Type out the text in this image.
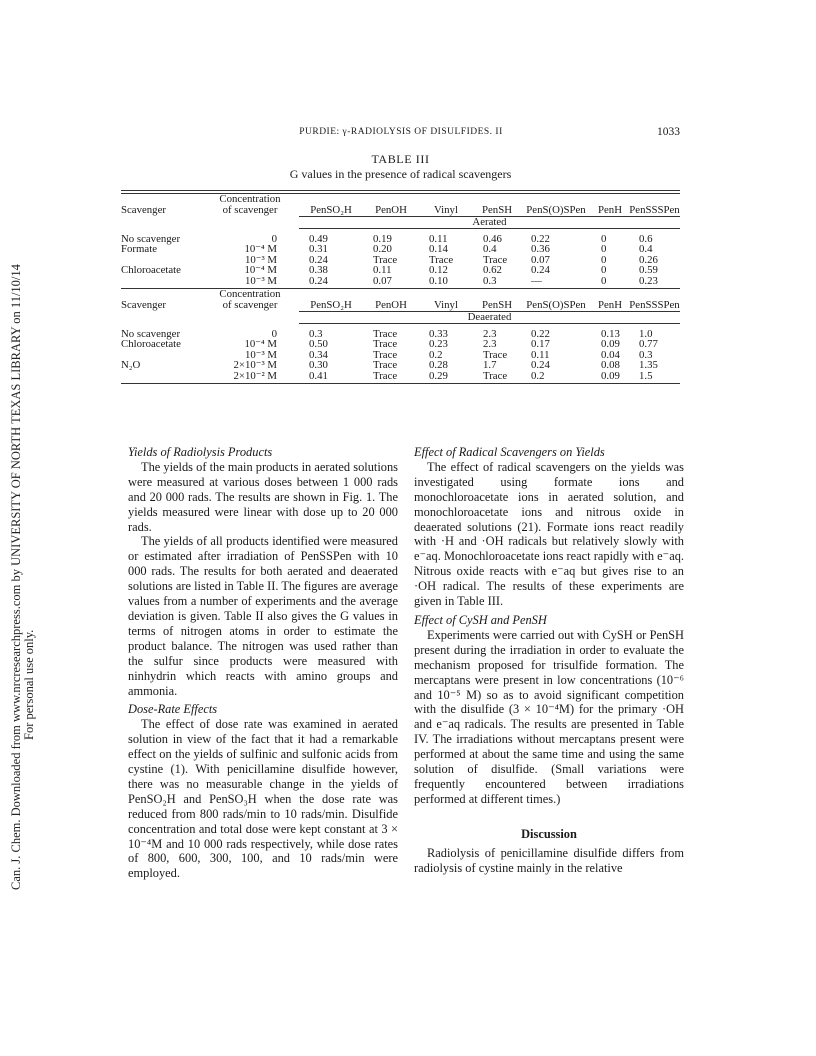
Can. J. Chem. Downloaded from www.nrcresearchpress.com by UNIVERSITY OF NORTH TEXAS LIBRARY on 11/10/14 For personal use only.
PURDIE: γ-RADIOLYSIS OF DISULFIDES. II	1033
TABLE III
G values in the presence of radical scavengers
Scavenger	Concentration
of scavenger	PenSO₂H	PenOH	Vinyl	PenSH	PenS(O)SPen	PenH	PenSSSPen
		Aerated						

No scavenger	0	0.49	0.19	0.11	0.46	0.22	0	0.6
Formate	10⁻⁴ M	0.31	0.20	0.14	0.4	0.36	0	0.4
	10⁻³ M	0.24	Trace	Trace	Trace	0.07	0	0.26
Chloroacetate	10⁻⁴ M	0.38	0.11	0.12	0.62	0.24	0	0.59
	10⁻³ M	0.24	0.07	0.10	0.3	—	0	0.23

Scavenger	Concentration
of scavenger	PenSO₂H	PenOH	Vinyl	PenSH	PenS(O)SPen	PenH	PenSSSPen
		Deaerated						

No scavenger	0	0.3	Trace	0.33	2.3	0.22	0.13	1.0
Chloroacetate	10⁻⁴ M	0.50	Trace	0.23	2.3	0.17	0.09	0.77
	10⁻³ M	0.34	Trace	0.2	Trace	0.11	0.04	0.3
N₂O	2×10⁻³ M	0.30	Trace	0.28	1.7	0.24	0.08	1.35
	2×10⁻² M	0.41	Trace	0.29	Trace	0.2	0.09	1.5

Yields of Radiolysis Products

The yields of the main products in aerated solutions were measured at various doses between 1 000 rads and 20 000 rads. The results are shown in Fig. 1. The yields measured were linear with dose up to 20 000 rads.

The yields of all products identified were measured or estimated after irradiation of PenSSPen with 10 000 rads. The results for both aerated and deaerated solutions are listed in Table II. The figures are average values from a number of experiments and the average deviation is given. Table II also gives the G values in terms of nitrogen atoms in order to estimate the product balance. The nitrogen was used rather than the sulfur since products were measured with ninhydrin which reacts with amino groups and ammonia.

Dose-Rate Effects

The effect of dose rate was examined in aerated solution in view of the fact that it had a remarkable effect on the yields of sulfinic and sulfonic acids from cystine (1). With penicillamine disulfide however, there was no measurable change in the yields of PenSO₂H and PenSO₃H when the dose rate was reduced from 800 rads/min to 10 rads/min. Disulfide concentration and total dose were kept constant at 3 × 10⁻⁴M and 10 000 rads respectively, while dose rates of 800, 600, 300, 100, and 10 rads/min were employed.

Effect of Radical Scavengers on Yields

The effect of radical scavengers on the yields was investigated using formate ions and monochloroacetate ions in aerated solution, and monochloroacetate ions and nitrous oxide in deaerated solutions (21). Formate ions react readily with ·H and ·OH radicals but relatively slowly with e⁻aq. Monochloroacetate ions react rapidly with e⁻aq. Nitrous oxide reacts with e⁻aq but gives rise to an ·OH radical. The results of these experiments are given in Table III.

Effect of CySH and PenSH

Experiments were carried out with CySH or PenSH present during the irradiation in order to evaluate the mechanism proposed for trisulfide formation. The mercaptans were present in low concentrations (10⁻⁶ and 10⁻⁵ M) so as to avoid significant competition with the disulfide (3 × 10⁻⁴M) for the primary ·OH and e⁻aq radicals. The results are presented in Table IV. The irradiations without mercaptans present were performed at about the same time and using the same solution of disulfide. (Small variations were frequently encountered between irradiations performed at different times.)

Discussion

Radiolysis of penicillamine disulfide differs from radiolysis of cystine mainly in the relative
